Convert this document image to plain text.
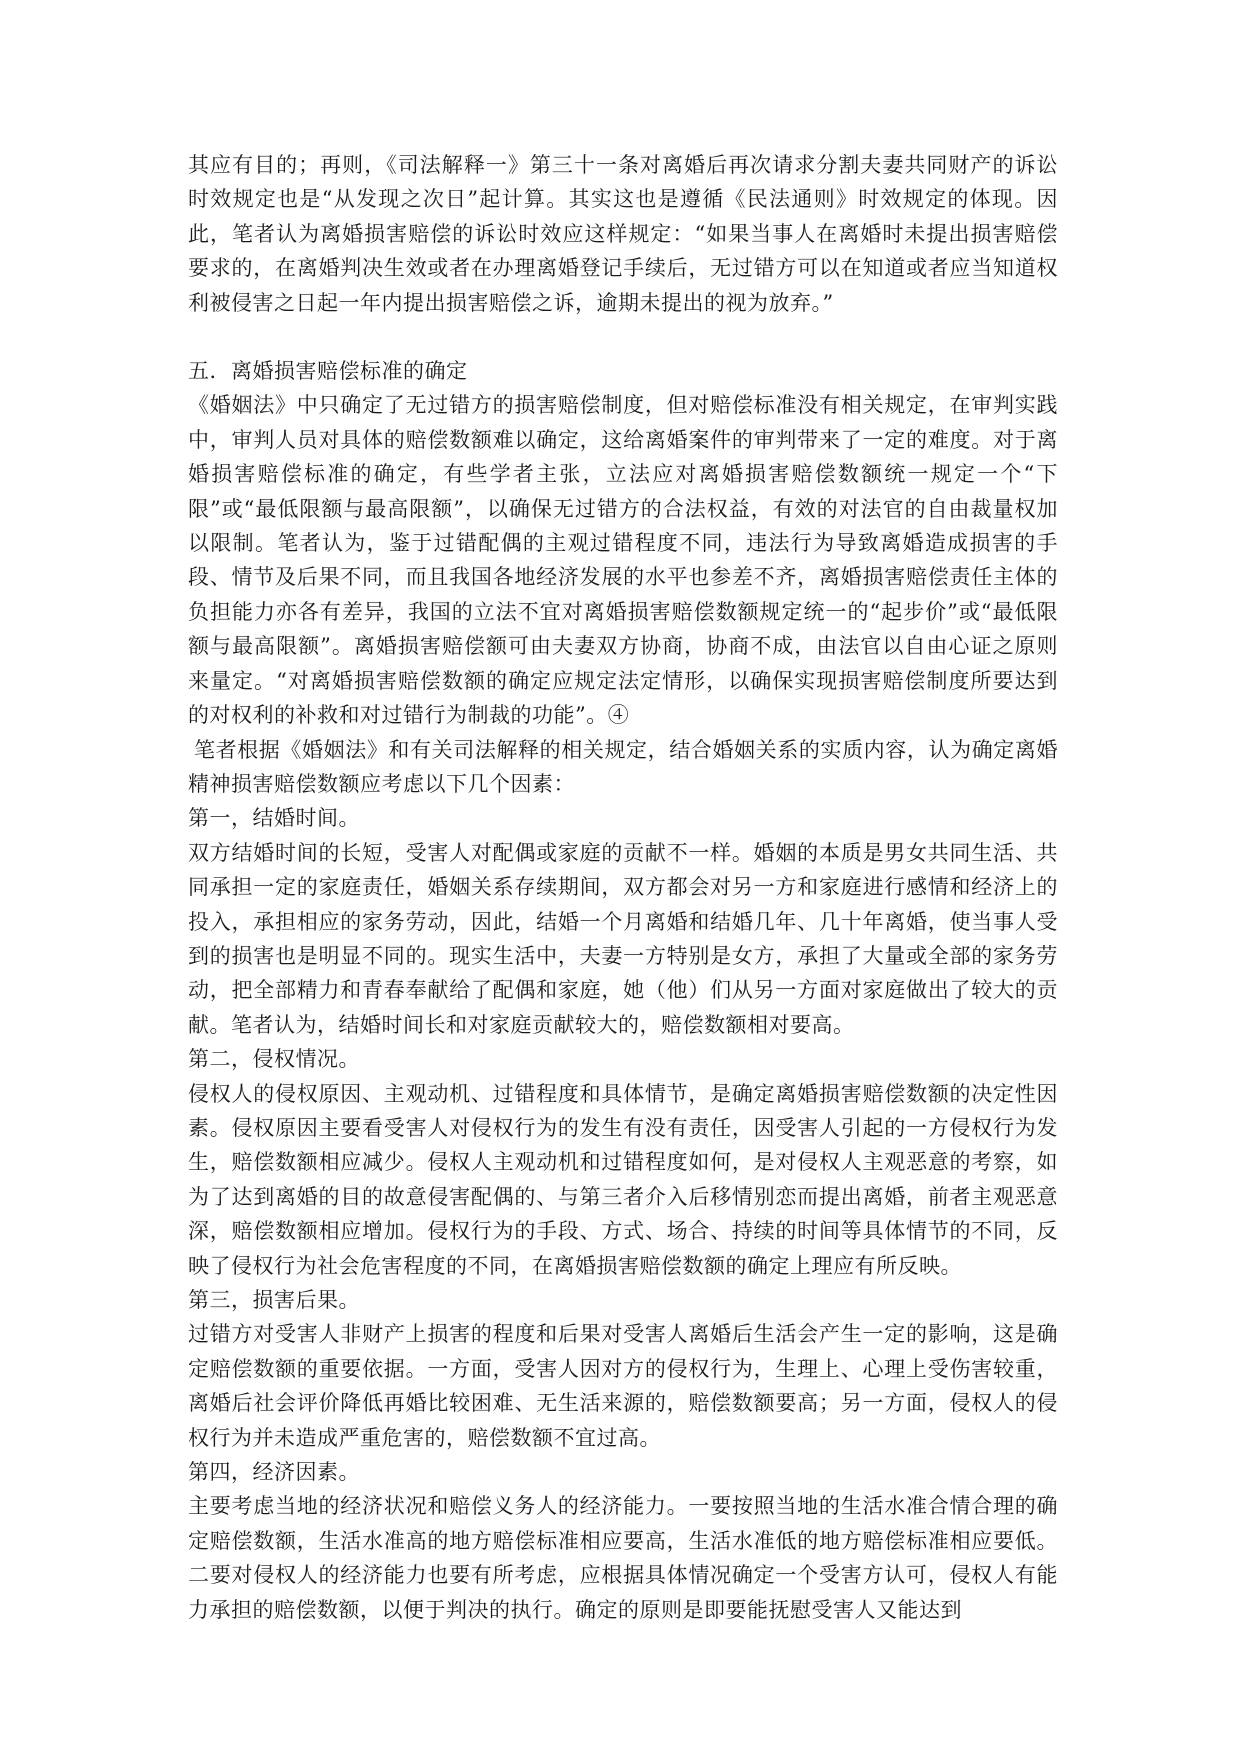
其应有目的；再则，《司法解释一》第三十一条对离婚后再次请求分割夫妻共同财产的诉讼时效规定也是“从发现之次日”起计算。其实这也是遵循《民法通则》时效规定的体现。因此，笔者认为离婚损害赔偿的诉讼时效应这样规定：“如果当事人在离婚时未提出损害赔偿要求的，在离婚判决生效或者在办理离婚登记手续后，无过错方可以在知道或者应当知道权利被侵害之日起一年内提出损害赔偿之诉，逾期未提出的视为放弃。”

五．离婚损害赔偿标准的确定

《婚姻法》中只确定了无过错方的损害赔偿制度，但对赔偿标准没有相关规定，在审判实践中，审判人员对具体的赔偿数额难以确定，这给离婚案件的审判带来了一定的难度。对于离婚损害赔偿标准的确定，有些学者主张，立法应对离婚损害赔偿数额统一规定一个“下限”或“最低限额与最高限额”，以确保无过错方的合法权益，有效的对法官的自由裁量权加以限制。笔者认为，鉴于过错配偶的主观过错程度不同，违法行为导致离婚造成损害的手段、情节及后果不同，而且我国各地经济发展的水平也参差不齐，离婚损害赔偿责任主体的负担能力亦各有差异，我国的立法不宜对离婚损害赔偿数额规定统一的“起步价”或“最低限额与最高限额”。离婚损害赔偿额可由夫妻双方协商，协商不成，由法官以自由心证之原则来量定。“对离婚损害赔偿数额的确定应规定法定情形，以确保实现损害赔偿制度所要达到的对权利的补救和对过错行为制裁的功能”。④

笔者根据《婚姻法》和有关司法解释的相关规定，结合婚姻关系的实质内容，认为确定离婚精神损害赔偿数额应考虑以下几个因素：

第一，结婚时间。

双方结婚时间的长短，受害人对配偶或家庭的贡献不一样。婚姻的本质是男女共同生活、共同承担一定的家庭责任，婚姻关系存续期间，双方都会对另一方和家庭进行感情和经济上的投入，承担相应的家务劳动，因此，结婚一个月离婚和结婚几年、几十年离婚，使当事人受到的损害也是明显不同的。现实生活中，夫妻一方特别是女方，承担了大量或全部的家务劳动，把全部精力和青春奉献给了配偶和家庭，她（他）们从另一方面对家庭做出了较大的贡献。笔者认为，结婚时间长和对家庭贡献较大的，赔偿数额相对要高。

第二，侵权情况。

侵权人的侵权原因、主观动机、过错程度和具体情节，是确定离婚损害赔偿数额的决定性因素。侵权原因主要看受害人对侵权行为的发生有没有责任，因受害人引起的一方侵权行为发生，赔偿数额相应减少。侵权人主观动机和过错程度如何，是对侵权人主观恶意的考察，如为了达到离婚的目的故意侵害配偶的、与第三者介入后移情别恋而提出离婚，前者主观恶意深，赔偿数额相应增加。侵权行为的手段、方式、场合、持续的时间等具体情节的不同，反映了侵权行为社会危害程度的不同，在离婚损害赔偿数额的确定上理应有所反映。

第三，损害后果。

过错方对受害人非财产上损害的程度和后果对受害人离婚后生活会产生一定的影响，这是确定赔偿数额的重要依据。一方面，受害人因对方的侵权行为，生理上、心理上受伤害较重，离婚后社会评价降低再婚比较困难、无生活来源的，赔偿数额要高；另一方面，侵权人的侵权行为并未造成严重危害的，赔偿数额不宜过高。

第四，经济因素。

主要考虑当地的经济状况和赔偿义务人的经济能力。一要按照当地的生活水准合情合理的确定赔偿数额，生活水准高的地方赔偿标准相应要高，生活水准低的地方赔偿标准相应要低。二要对侵权人的经济能力也要有所考虑，应根据具体情况确定一个受害方认可，侵权人有能力承担的赔偿数额，以便于判决的执行。确定的原则是即要能抚慰受害人又能达到
